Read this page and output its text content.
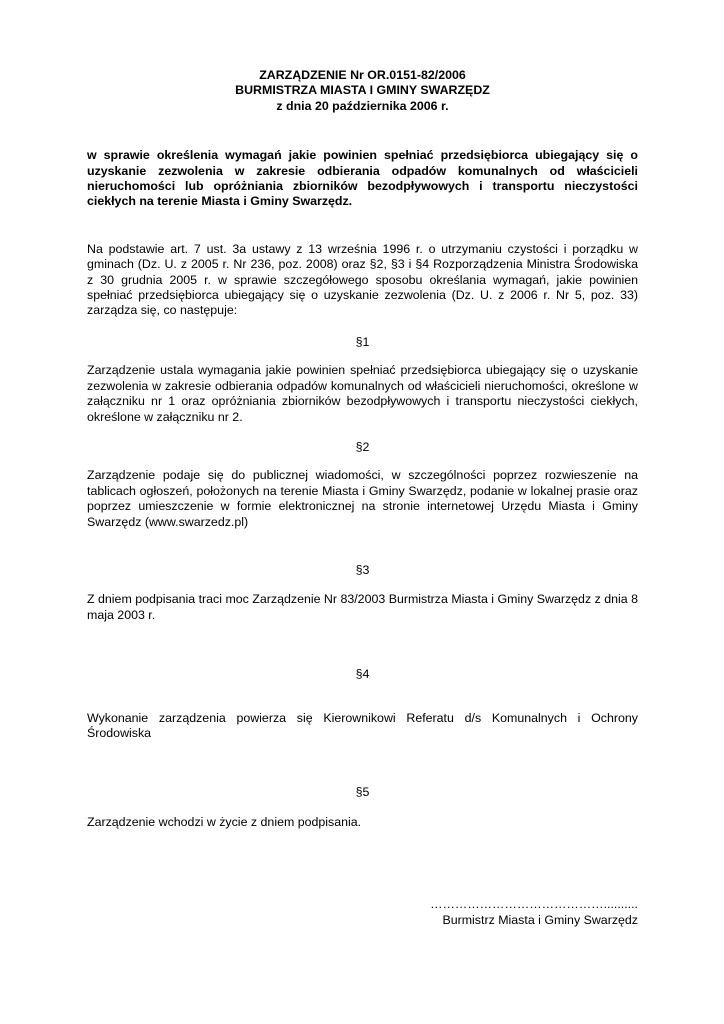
ZARZĄDZENIE Nr OR.0151-82/2006
BURMISTRZA MIASTA I GMINY SWARZĘDZ
z dnia 20 października 2006 r.
w sprawie określenia wymagań jakie powinien spełniać przedsiębiorca ubiegający się o uzyskanie zezwolenia w zakresie odbierania odpadów komunalnych od właścicieli nieruchomości lub opróżniania zbiorników bezodpływowych i transportu nieczystości ciekłych na terenie Miasta i Gminy Swarzędz.
Na podstawie art. 7 ust. 3a ustawy z 13 września 1996 r. o utrzymaniu czystości i porządku w gminach (Dz. U. z 2005 r. Nr 236, poz. 2008) oraz §2, §3 i §4 Rozporządzenia Ministra Środowiska z 30 grudnia 2005 r. w sprawie szczegółowego sposobu określania wymagań, jakie powinien spełniać przedsiębiorca ubiegający się o uzyskanie zezwolenia (Dz. U. z 2006 r. Nr 5, poz. 33) zarządza się, co następuje:
§1
Zarządzenie ustala wymagania jakie powinien spełniać przedsiębiorca ubiegający się o uzyskanie zezwolenia w zakresie odbierania odpadów komunalnych od właścicieli nieruchomości, określone w załączniku nr 1 oraz opróżniania zbiorników bezodpływowych i transportu nieczystości ciekłych, określone w załączniku nr 2.
§2
Zarządzenie podaje się do publicznej wiadomości, w szczególności poprzez rozwieszenie na tablicach ogłoszeń, położonych na terenie Miasta i Gminy Swarzędz, podanie w lokalnej prasie oraz poprzez umieszczenie w formie elektronicznej na stronie internetowej Urzędu Miasta i Gminy Swarzędz (www.swarzedz.pl)
§3
Z dniem podpisania traci moc Zarządzenie Nr 83/2003 Burmistrza Miasta i Gminy Swarzędz z dnia 8 maja 2003 r.
§4
Wykonanie zarządzenia powierza się Kierownikowi Referatu d/s Komunalnych i Ochrony Środowiska
§5
Zarządzenie wchodzi w życie z dniem podpisania.
……………………………………..........
Burmistrz Miasta i Gminy Swarzędz
